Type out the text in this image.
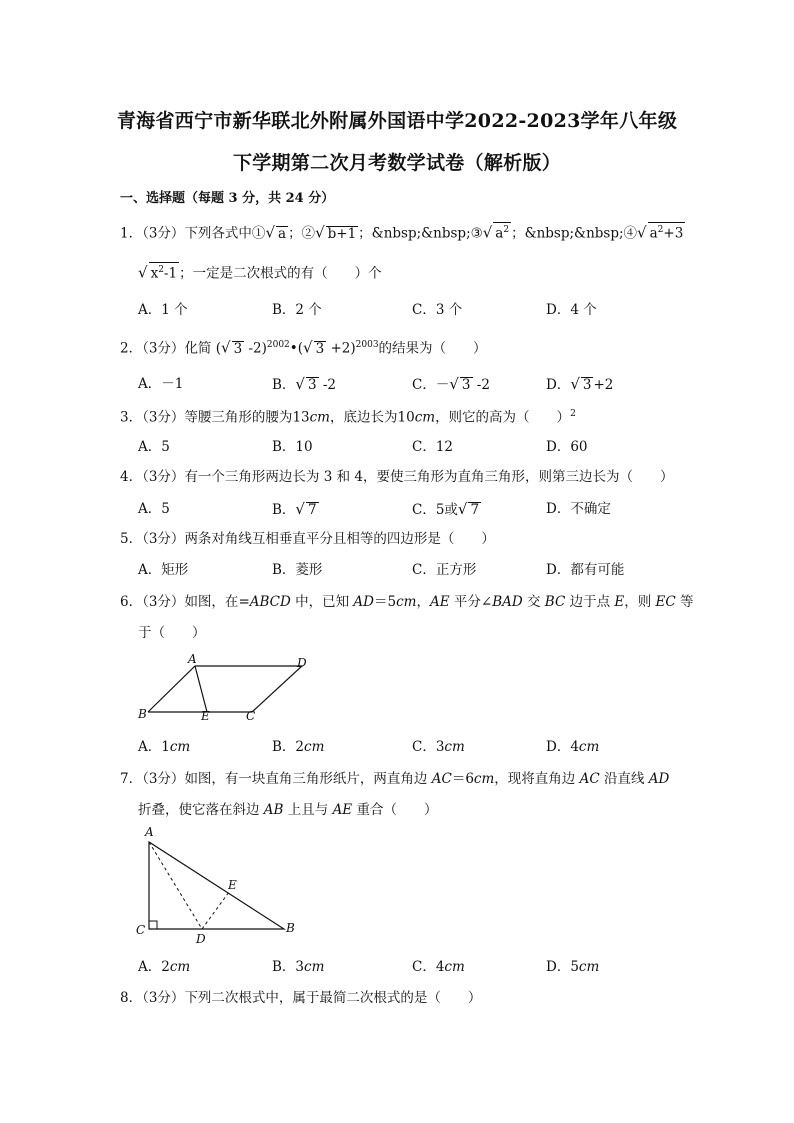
青海省西宁市新华联北外附属外国语中学2022-2023学年八年级
下学期第二次月考数学试卷（解析版）
一、选择题（每题 3 分，共 24 分）
1．（3分）下列各式中①√ a ；②√ b+1 ；&nbsp;&nbsp;③√ $a^2$ ；&nbsp;&nbsp;④√ $a^2+3$
√ $x^2-1$ ；一定是二次根式的有（　　）个
A．1 个	B．2 个	C．3 个	D．4 个
2．（3分）化简 (√ 3 -2)$^{2002}$•(√ 3 +2)$^{2003}$的结果为（　　）
A．－1	B．√ 3 -2	C．－√ 3 -2	D．√ 3 +2
3．（3分）等腰三角形的腰为13cm，底边长为10cm，则它的高为（　　）$^2$
A．5	B．10	C．12	D．60
4．（3分）有一个三角形两边长为 3 和 4，要使三角形为直角三角形，则第三边长为（　　）
A．5	B．√ 7	C．5或√ 7	D．不确定
5．（3分）两条对角线互相垂直平分且相等的四边形是（　　）
A．矩形	B．菱形	C．正方形	D．都有可能
6．（3分）如图，在=ABCD 中，已知 AD＝5cm，AE 平分∠BAD 交 BC 边于点 E，则 EC 等
于（　　）
A	D
B	E	C
A．1cm	B．2cm	C．3cm	D．4cm
7．（3分）如图，有一块直角三角形纸片，两直角边 AC＝6cm，现将直角边 AC 沿直线 AD
折叠，使它落在斜边 AB 上且与 AE 重合（　　）
A
C
D
E
B
A．2cm	B．3cm	C．4cm	D．5cm
8．（3分）下列二次根式中，属于最简二次根式的是（　　）
